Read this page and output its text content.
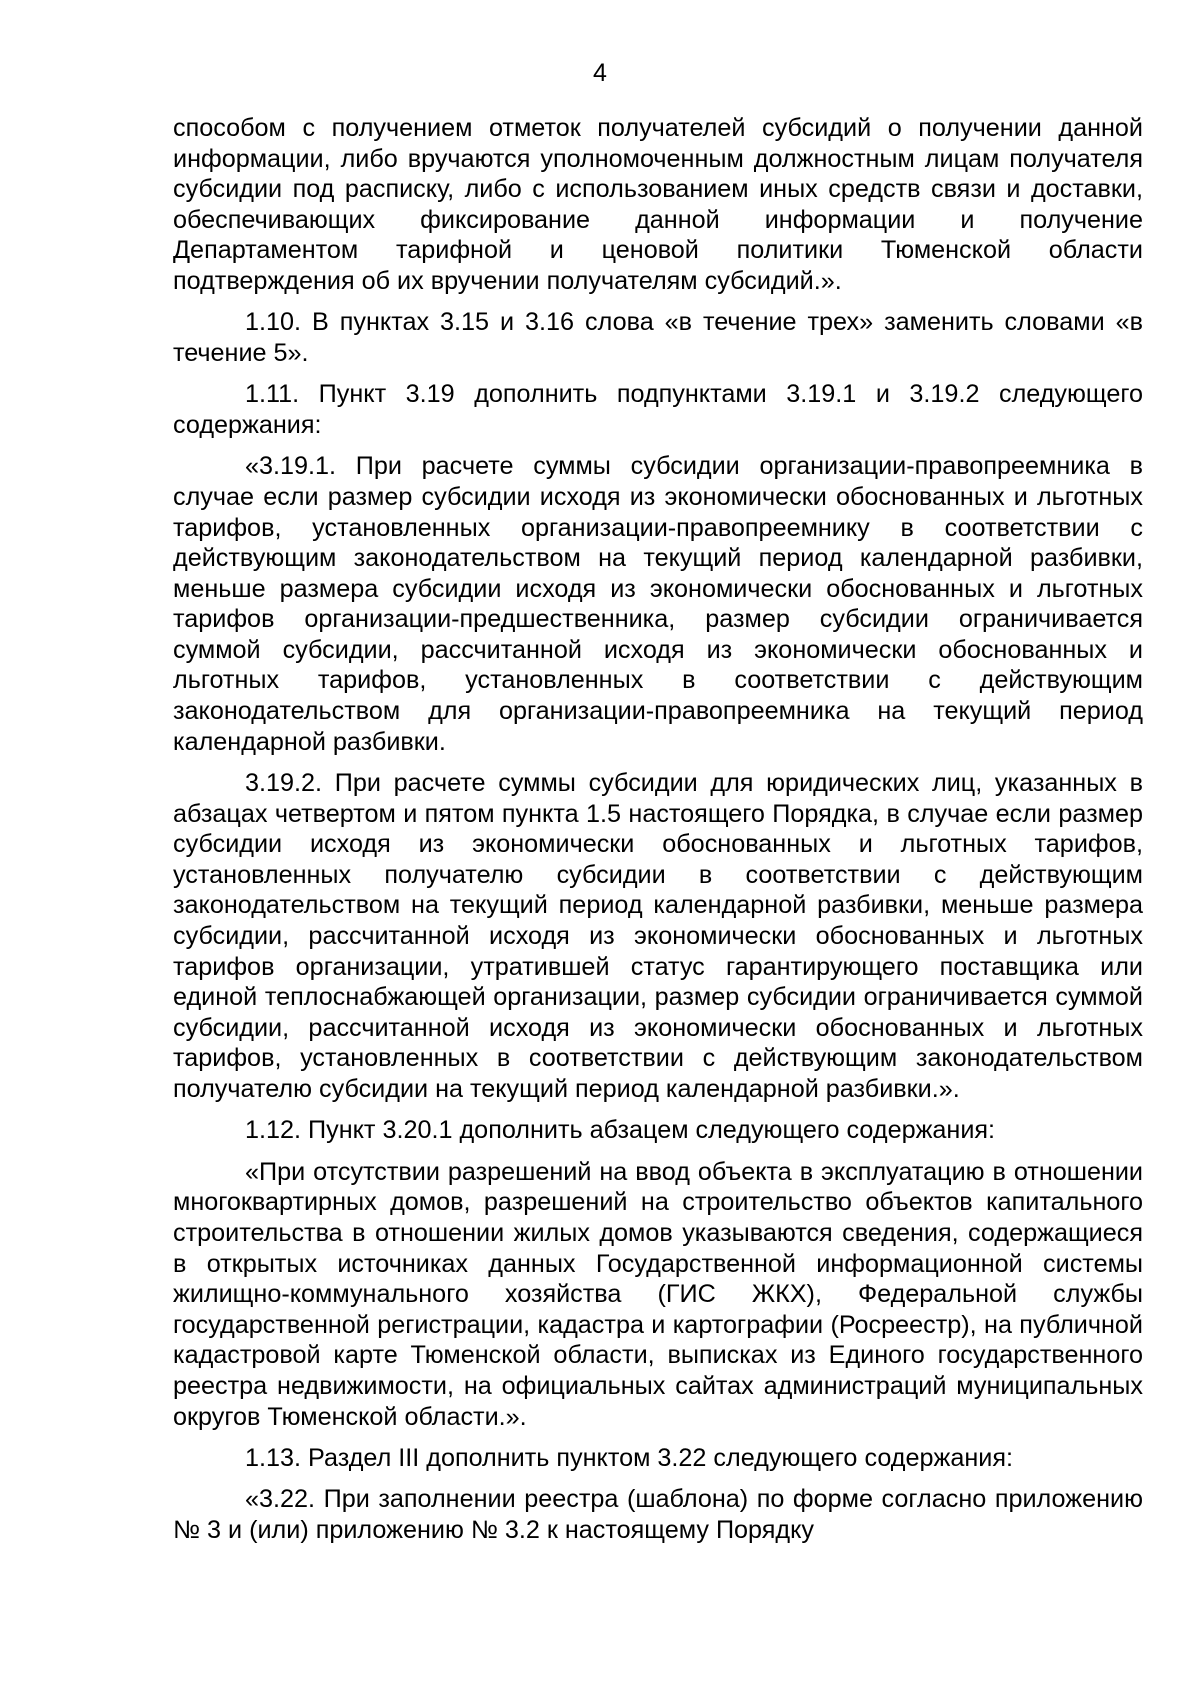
4

способом с получением отметок получателей субсидий о получении данной информации, либо вручаются уполномоченным должностным лицам получателя субсидии под расписку, либо с использованием иных средств связи и доставки, обеспечивающих фиксирование данной информации и получение Департаментом тарифной и ценовой политики Тюменской области подтверждения об их вручении получателям субсидий.».

1.10. В пунктах 3.15 и 3.16 слова «в течение трех» заменить словами «в течение 5».

1.11. Пункт 3.19 дополнить подпунктами 3.19.1 и 3.19.2 следующего содержания:

«3.19.1. При расчете суммы субсидии организации-правопреемника в случае если размер субсидии исходя из экономически обоснованных и льготных тарифов, установленных организации-правопреемнику в соответствии с действующим законодательством на текущий период календарной разбивки, меньше размера субсидии исходя из экономически обоснованных и льготных тарифов организации-предшественника, размер субсидии ограничивается суммой субсидии, рассчитанной исходя из экономически обоснованных и льготных тарифов, установленных в соответствии с действующим законодательством для организации-правопреемника на текущий период календарной разбивки.

3.19.2. При расчете суммы субсидии для юридических лиц, указанных в абзацах четвертом и пятом пункта 1.5 настоящего Порядка, в случае если размер субсидии исходя из экономически обоснованных и льготных тарифов, установленных получателю субсидии в соответствии с действующим законодательством на текущий период календарной разбивки, меньше размера субсидии, рассчитанной исходя из экономически обоснованных и льготных тарифов организации, утратившей статус гарантирующего поставщика или единой теплоснабжающей организации, размер субсидии ограничивается суммой субсидии, рассчитанной исходя из экономически обоснованных и льготных тарифов, установленных в соответствии с действующим законодательством получателю субсидии на текущий период календарной разбивки.».

1.12. Пункт 3.20.1 дополнить абзацем следующего содержания:

«При отсутствии разрешений на ввод объекта в эксплуатацию в отношении многоквартирных домов, разрешений на строительство объектов капитального строительства в отношении жилых домов указываются сведения, содержащиеся в открытых источниках данных Государственной информационной системы жилищно-коммунального хозяйства (ГИС ЖКХ), Федеральной службы государственной регистрации, кадастра и картографии (Росреестр), на публичной кадастровой карте Тюменской области, выписках из Единого государственного реестра недвижимости, на официальных сайтах администраций муниципальных округов Тюменской области.».

1.13. Раздел III дополнить пунктом 3.22 следующего содержания:

«3.22. При заполнении реестра (шаблона) по форме согласно приложению № 3 и (или) приложению № 3.2 к настоящему Порядку
